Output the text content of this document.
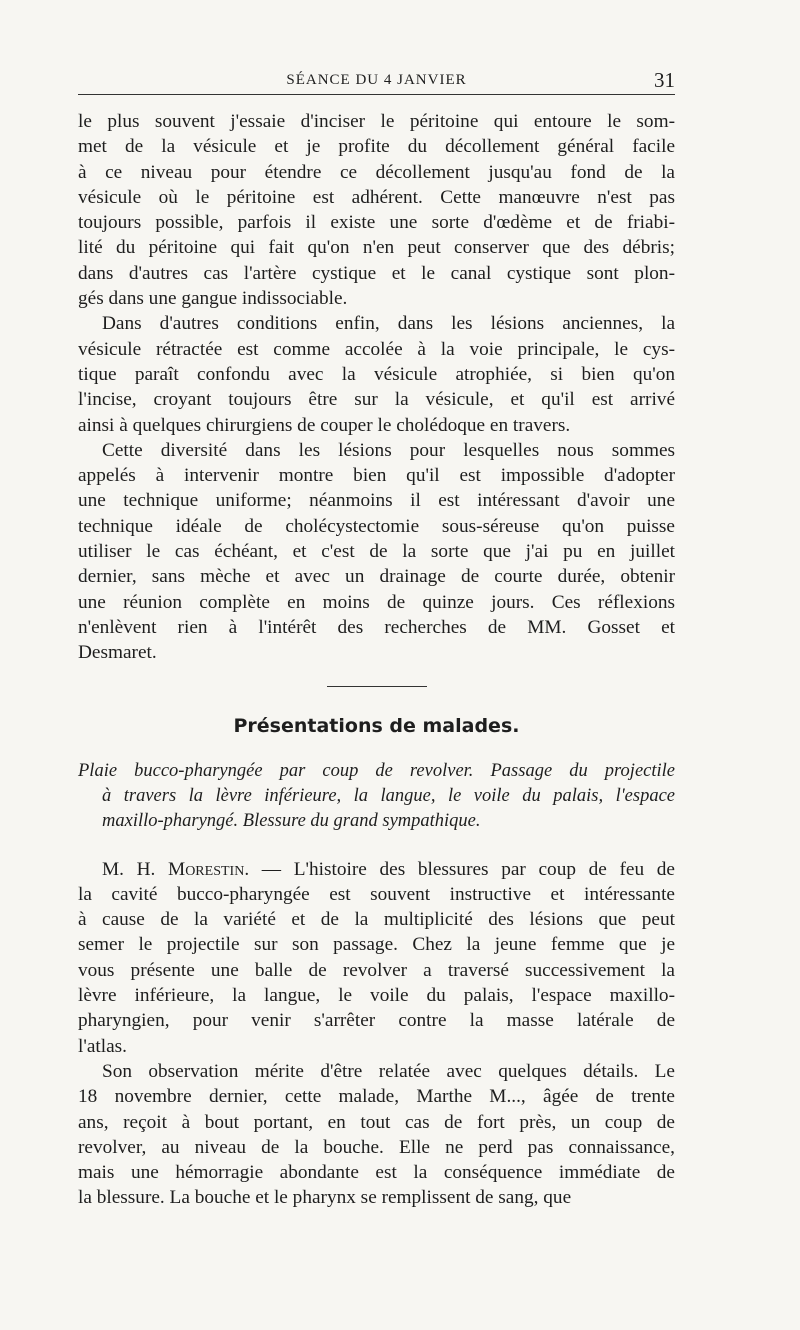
SÉANCE DU 4 JANVIER	31
le plus souvent j'essaie d'inciser le péritoine qui entoure le som-
met de la vésicule et je profite du décollement général facile
à ce niveau pour étendre ce décollement jusqu'au fond de la
vésicule où le péritoine est adhérent. Cette manœuvre n'est pas
toujours possible, parfois il existe une sorte d'œdème et de friabi-
lité du péritoine qui fait qu'on n'en peut conserver que des débris;
dans d'autres cas l'artère cystique et le canal cystique sont plon-
gés dans une gangue indissociable.
Dans d'autres conditions enfin, dans les lésions anciennes, la
vésicule rétractée est comme accolée à la voie principale, le cys-
tique paraît confondu avec la vésicule atrophiée, si bien qu'on
l'incise, croyant toujours être sur la vésicule, et qu'il est arrivé
ainsi à quelques chirurgiens de couper le cholédoque en travers.
Cette diversité dans les lésions pour lesquelles nous sommes
appelés à intervenir montre bien qu'il est impossible d'adopter
une technique uniforme; néanmoins il est intéressant d'avoir une
technique idéale de cholécystectomie sous-séreuse qu'on puisse
utiliser le cas échéant, et c'est de la sorte que j'ai pu en juillet
dernier, sans mèche et avec un drainage de courte durée, obtenir
une réunion complète en moins de quinze jours. Ces réflexions
n'enlèvent rien à l'intérêt des recherches de MM. Gosset et
Desmaret.
Présentations de malades.
Plaie bucco-pharyngée par coup de revolver. Passage du projectile
à travers la lèvre inférieure, la langue, le voile du palais, l'espace
maxillo-pharyngé. Blessure du grand sympathique.
M. H. Morestin. — L'histoire des blessures par coup de feu de
la cavité bucco-pharyngée est souvent instructive et intéressante
à cause de la variété et de la multiplicité des lésions que peut
semer le projectile sur son passage. Chez la jeune femme que je
vous présente une balle de revolver a traversé successivement la
lèvre inférieure, la langue, le voile du palais, l'espace maxillo-
pharyngien, pour venir s'arrêter contre la masse latérale de
l'atlas.
Son observation mérite d'être relatée avec quelques détails. Le
18 novembre dernier, cette malade, Marthe M..., âgée de trente
ans, reçoit à bout portant, en tout cas de fort près, un coup de
revolver, au niveau de la bouche. Elle ne perd pas connaissance,
mais une hémorragie abondante est la conséquence immédiate de
la blessure. La bouche et le pharynx se remplissent de sang, que
